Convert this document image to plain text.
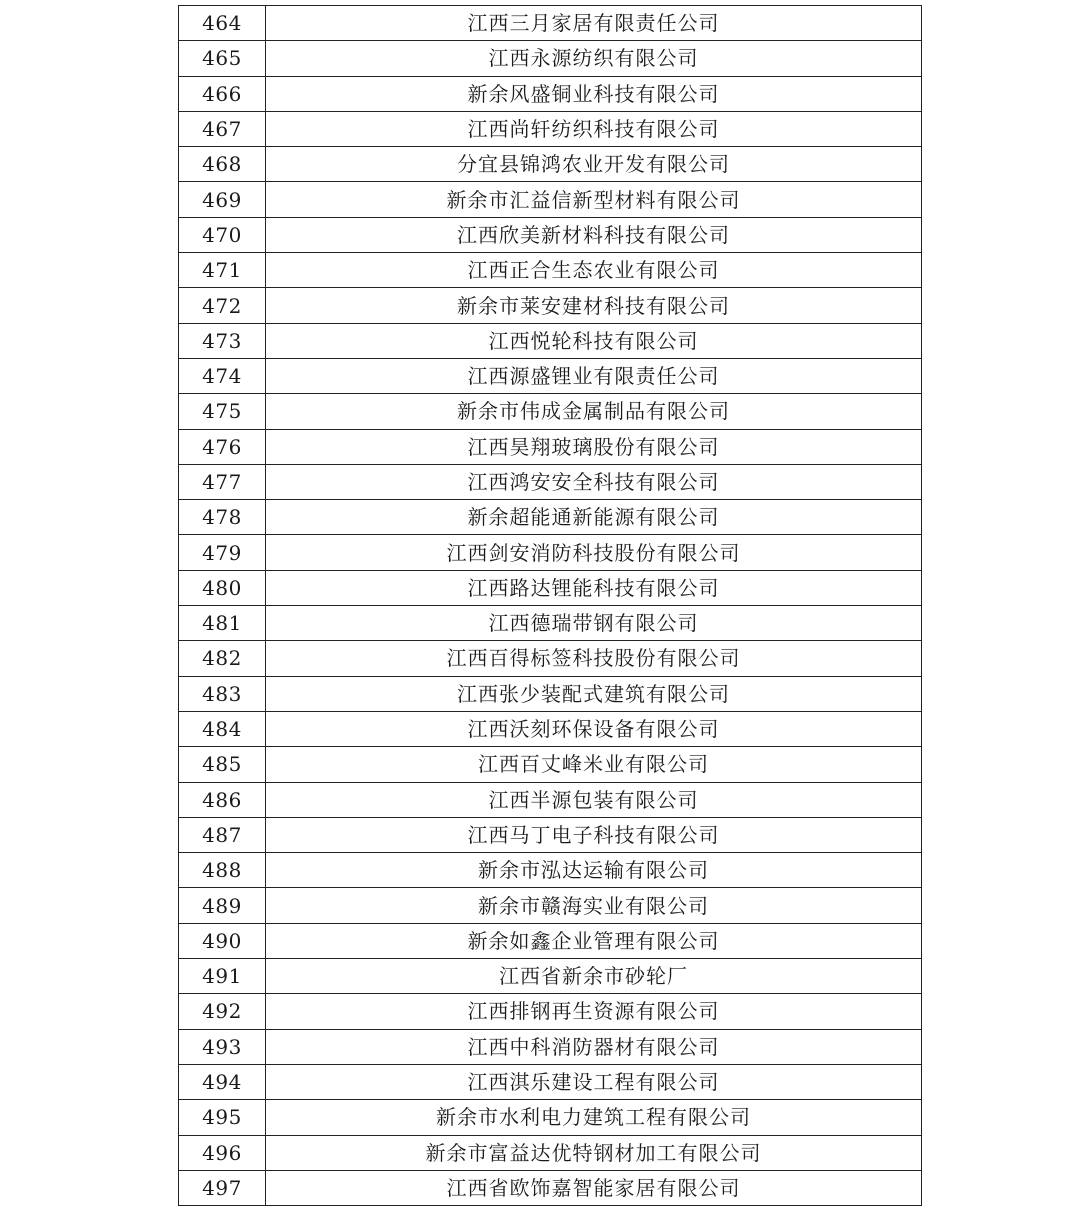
464	江西三月家居有限责任公司
465	江西永源纺织有限公司
466	新余风盛铜业科技有限公司
467	江西尚轩纺织科技有限公司
468	分宜县锦鸿农业开发有限公司
469	新余市汇益信新型材料有限公司
470	江西欣美新材料科技有限公司
471	江西正合生态农业有限公司
472	新余市莱安建材科技有限公司
473	江西悦轮科技有限公司
474	江西源盛锂业有限责任公司
475	新余市伟成金属制品有限公司
476	江西昊翔玻璃股份有限公司
477	江西鸿安安全科技有限公司
478	新余超能通新能源有限公司
479	江西剑安消防科技股份有限公司
480	江西路达锂能科技有限公司
481	江西德瑞带钢有限公司
482	江西百得标签科技股份有限公司
483	江西张少装配式建筑有限公司
484	江西沃刻环保设备有限公司
485	江西百丈峰米业有限公司
486	江西半源包装有限公司
487	江西马丁电子科技有限公司
488	新余市泓达运输有限公司
489	新余市赣海实业有限公司
490	新余如鑫企业管理有限公司
491	江西省新余市砂轮厂
492	江西排钢再生资源有限公司
493	江西中科消防器材有限公司
494	江西淇乐建设工程有限公司
495	新余市水利电力建筑工程有限公司
496	新余市富益达优特钢材加工有限公司
497	江西省欧饰嘉智能家居有限公司
